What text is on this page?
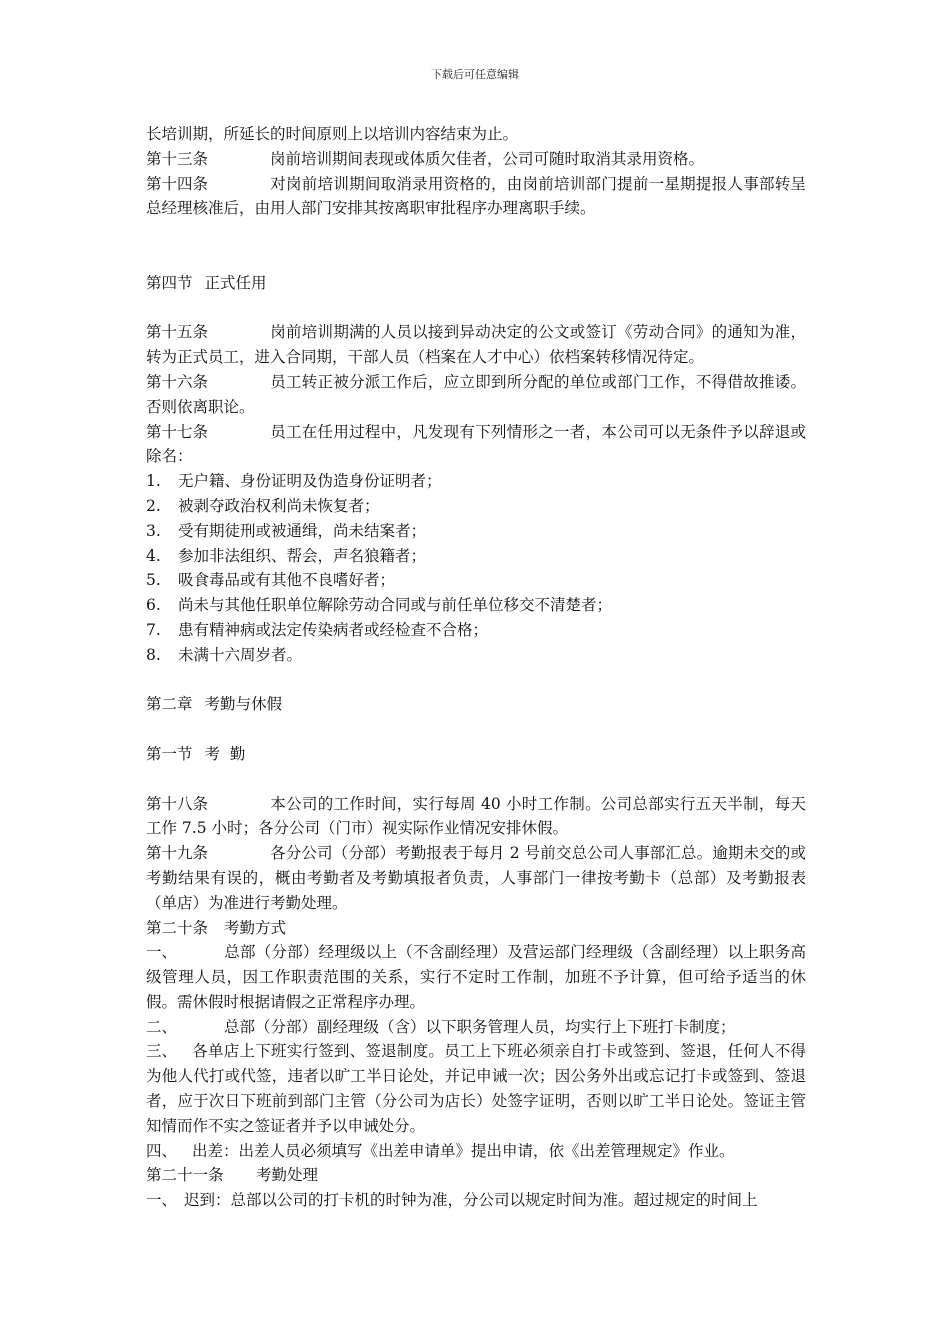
下载后可任意编辑

长培训期，所延长的时间原则上以培训内容结束为止。

第十三条	岗前培训期间表现或体质欠佳者，公司可随时取消其录用资格。

第十四条	对岗前培训期间取消录用资格的，由岗前培训部门提前一星期提报人事部转呈总经理核准后，由用人部门安排其按离职审批程序办理离职手续。

第四节 正式任用

第十五条	岗前培训期满的人员以接到异动决定的公文或签订《劳动合同》的通知为准，转为正式员工，进入合同期，干部人员（档案在人才中心）依档案转移情况待定。

第十六条	员工转正被分派工作后，应立即到所分配的单位或部门工作，不得借故推诿。否则依离职论。

第十七条	员工在任用过程中，凡发现有下列情形之一者，本公司可以无条件予以辞退或除名：

1. 无户籍、身份证明及伪造身份证明者；

2. 被剥夺政治权利尚未恢复者；

3. 受有期徒刑或被通缉，尚未结案者；

4. 参加非法组织、帮会，声名狼籍者；

5. 吸食毒品或有其他不良嗜好者；

6. 尚未与其他任职单位解除劳动合同或与前任单位移交不清楚者；

7. 患有精神病或法定传染病者或经检查不合格；

8. 未满十六周岁者。

第二章 考勤与休假

第一节 考  勤

第十八条	本公司的工作时间，实行每周 40 小时工作制。公司总部实行五天半制，每天工作 7.5 小时；各分公司（门市）视实际作业情况安排休假。

第十九条	各分公司（分部）考勤报表于每月 2 号前交总公司人事部汇总。逾期未交的或考勤结果有误的，概由考勤者及考勤填报者负责，人事部门一律按考勤卡（总部）及考勤报表（单店）为准进行考勤处理。

第二十条 考勤方式

一、	总部（分部）经理级以上（不含副经理）及营运部门经理级（含副经理）以上职务高级管理人员，因工作职责范围的关系，实行不定时工作制，加班不予计算，但可给予适当的休假。需休假时根据请假之正常程序办理。

二、	总部（分部）副经理级（含）以下职务管理人员，均实行上下班打卡制度；

三、 各单店上下班实行签到、签退制度。员工上下班必须亲自打卡或签到、签退，任何人不得为他人代打或代签，违者以旷工半日论处，并记申诫一次；因公务外出或忘记打卡或签到、签退者，应于次日下班前到部门主管（分公司为店长）处签字证明，否则以旷工半日论处。签证主管知情而作不实之签证者并予以申诫处分。

四、 出差：出差人员必须填写《出差申请单》提出申请，依《出差管理规定》作业。

第二十一条 考勤处理

一、 迟到：总部以公司的打卡机的时钟为准，分公司以规定时间为准。超过规定的时间上
